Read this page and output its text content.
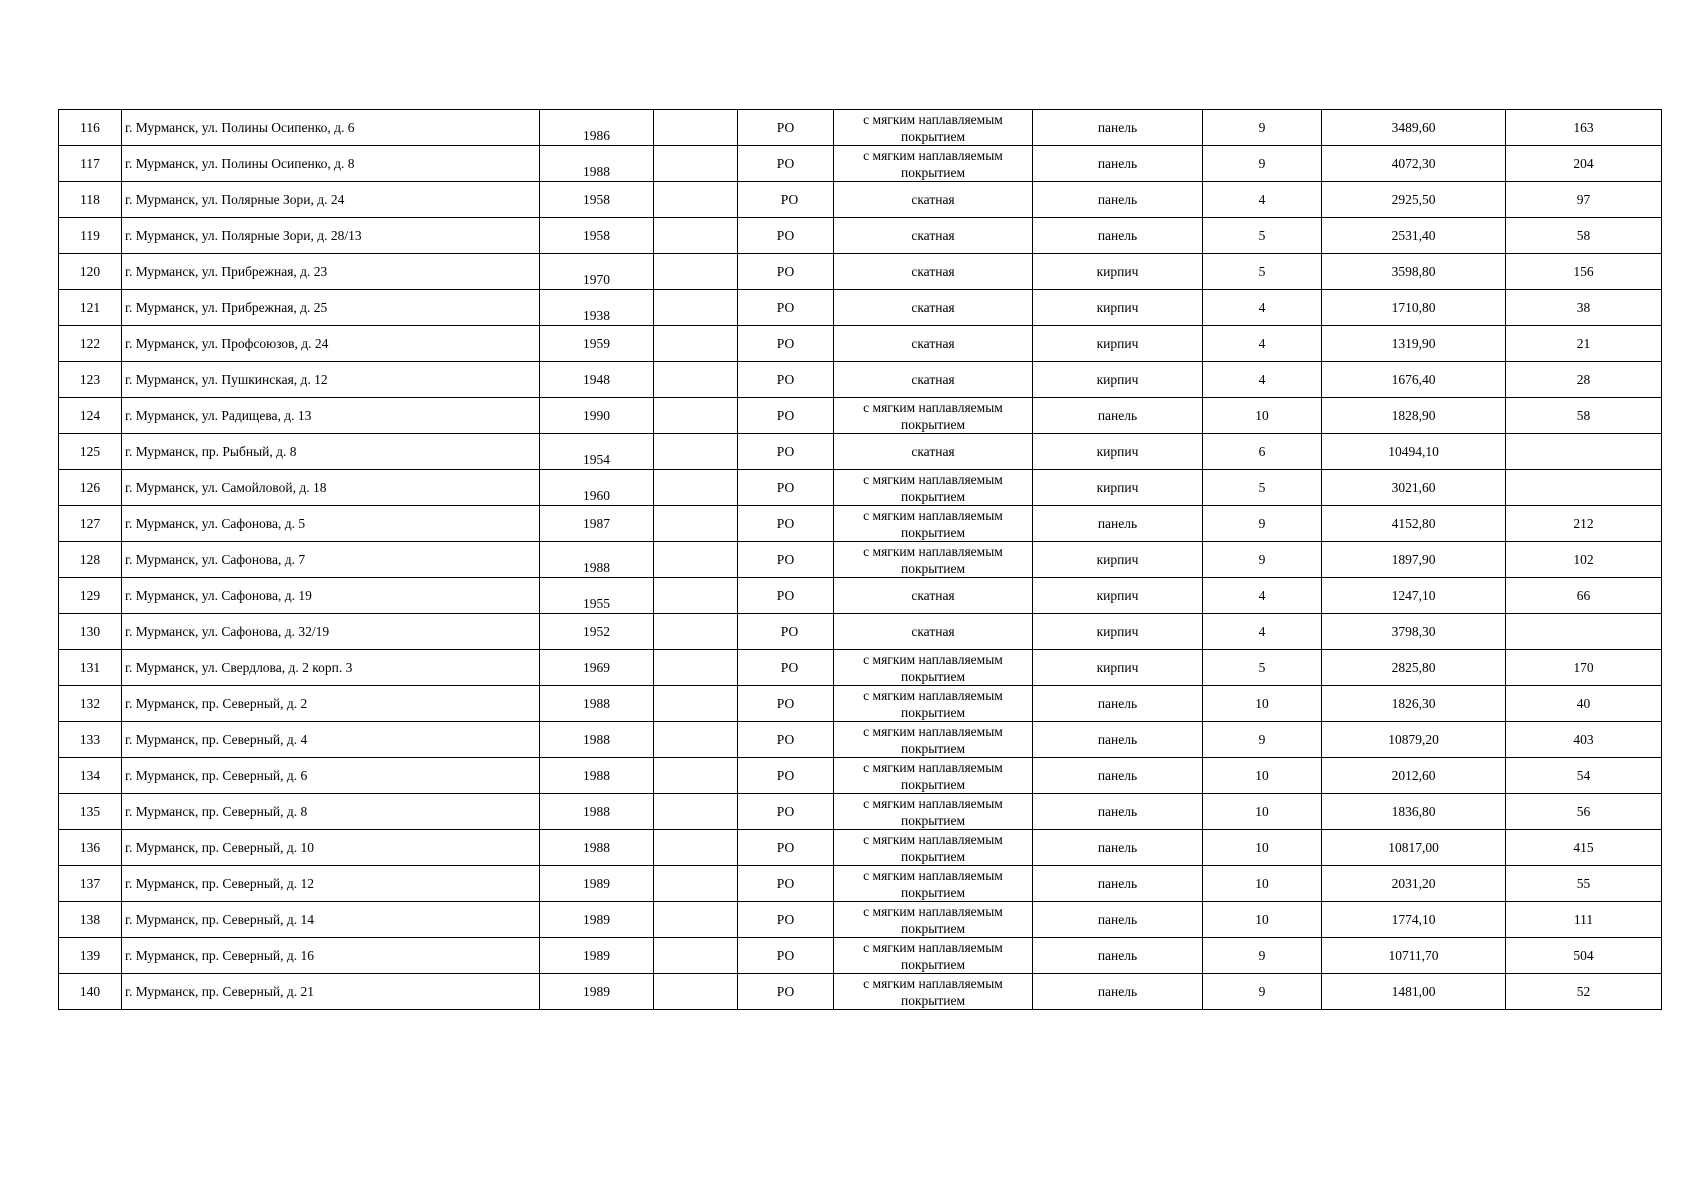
116	г. Мурманск, ул. Полины Осипенко, д. 6	1986		РО	с мягким наплавляемым покрытием	панель	9	3489,60	163
117	г. Мурманск, ул. Полины Осипенко, д. 8	1988		РО	с мягким наплавляемым покрытием	панель	9	4072,30	204
118	г. Мурманск, ул. Полярные Зори, д. 24	1958		РО	скатная	панель	4	2925,50	97
119	г. Мурманск, ул. Полярные Зори, д. 28/13	1958		РО	скатная	панель	5	2531,40	58
120	г. Мурманск, ул. Прибрежная, д. 23	1970		РО	скатная	кирпич	5	3598,80	156
121	г. Мурманск, ул. Прибрежная, д. 25	1938		РО	скатная	кирпич	4	1710,80	38
122	г. Мурманск, ул. Профсоюзов, д. 24	1959		РО	скатная	кирпич	4	1319,90	21
123	г. Мурманск, ул. Пушкинская, д. 12	1948		РО	скатная	кирпич	4	1676,40	28
124	г. Мурманск, ул. Радищева, д. 13	1990		РО	с мягким наплавляемым покрытием	панель	10	1828,90	58
125	г. Мурманск, пр. Рыбный, д. 8	1954		РО	скатная	кирпич	6	10494,10	
126	г. Мурманск, ул. Самойловой, д. 18	1960		РО	с мягким наплавляемым покрытием	кирпич	5	3021,60	
127	г. Мурманск, ул. Сафонова, д. 5	1987		РО	с мягким наплавляемым покрытием	панель	9	4152,80	212
128	г. Мурманск, ул. Сафонова, д. 7	1988		РО	с мягким наплавляемым покрытием	кирпич	9	1897,90	102
129	г. Мурманск, ул. Сафонова, д. 19	1955		РО	скатная	кирпич	4	1247,10	66
130	г. Мурманск, ул. Сафонова, д. 32/19	1952		РО	скатная	кирпич	4	3798,30	
131	г. Мурманск, ул. Свердлова, д. 2 корп. 3	1969		РО	с мягким наплавляемым покрытием	кирпич	5	2825,80	170
132	г. Мурманск, пр. Северный, д. 2	1988		РО	с мягким наплавляемым покрытием	панель	10	1826,30	40
133	г. Мурманск, пр. Северный, д. 4	1988		РО	с мягким наплавляемым покрытием	панель	9	10879,20	403
134	г. Мурманск, пр. Северный, д. 6	1988		РО	с мягким наплавляемым покрытием	панель	10	2012,60	54
135	г. Мурманск, пр. Северный, д. 8	1988		РО	с мягким наплавляемым покрытием	панель	10	1836,80	56
136	г. Мурманск, пр. Северный, д. 10	1988		РО	с мягким наплавляемым покрытием	панель	10	10817,00	415
137	г. Мурманск, пр. Северный, д. 12	1989		РО	с мягким наплавляемым покрытием	панель	10	2031,20	55
138	г. Мурманск, пр. Северный, д. 14	1989		РО	с мягким наплавляемым покрытием	панель	10	1774,10	111
139	г. Мурманск, пр. Северный, д. 16	1989		РО	с мягким наплавляемым покрытием	панель	9	10711,70	504
140	г. Мурманск, пр. Северный, д. 21	1989		РО	с мягким наплавляемым покрытием	панель	9	1481,00	52
